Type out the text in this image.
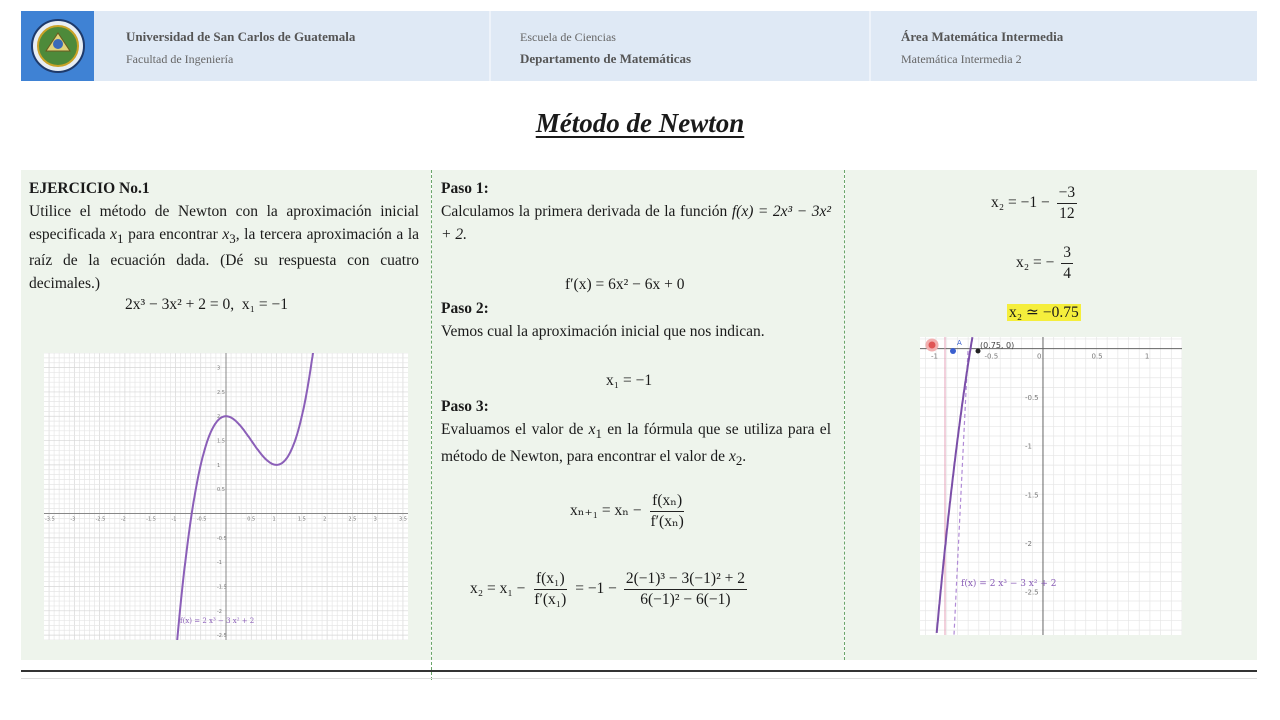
Universidad de San Carlos de Guatemala
Facultad de Ingeniería
Escuela de Ciencias
Departamento de Matemáticas
Área Matemática Intermedia
Matemática Intermedia 2
Método de Newton
EJERCICIO No.1
Utilice el método de Newton con la aproximación inicial especificada $x_1$ para encontrar $x_3$, la tercera aproximación a la raíz de la ecuación dada. (Dé su respuesta con cuatro decimales.)
2x³ − 3x² + 2 = 0, x₁ = −1
-3.5	-3	-2.5	-2	-1.5	-1	-0.5	0.5	1	1.5	2	2.5	3	3.5
3
2.5
2
1.5
1
0.5
-0.5
-1
-1.5
-2
-2.5
f(x) = 2 x³ − 3 x² + 2
Paso 1:
Calculamos la primera derivada de la función f(x) = 2x³ − 3x² + 2.
f′(x) = 6x² − 6x + 0
Paso 2:
Vemos cual la aproximación inicial que nos indican.
x₁ = −1
Paso 3:
Evaluamos el valor de $x_1$ en la fórmula que se utiliza para el método de Newton, para encontrar el valor de $x_2$.
$x_{n+1} = x_n - \frac{\text{f(xₙ)}}{\text{f′(xₙ)}}$
$x_2 = x_1 - \frac{\text{f(x₁)}}{\text{f′(x₁)}} = -1 - \frac{\text{2(−1)³ − 3(−1)² + 2}}{\text{6(−1)² − 6(−1)}}$
$x_2 = -1 - \frac{-3}{12}$
x₂ = − $\frac{3}{4}$
x₂ ≃ −0.75
-1	-0.5	0	0.5	1
-0.5
-1
-1.5
-2
-2.5
A (0.75, 0)
f(x) = 2 x³ − 3 x² + 2
